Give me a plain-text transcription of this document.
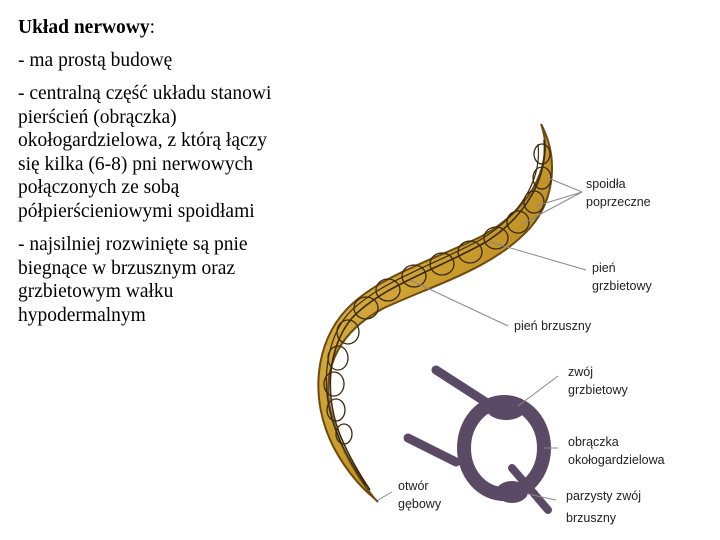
Układ nerwowy:

- ma prostą budowę

- centralną część układu stanowi pierścień (obrączka) okołogardzielowa, z którą łączy się kilka (6-8) pni nerwowych połączonych ze sobą półpierścieniowymi spoidłami

- najsilniej rozwinięte są pnie biegnące w brzusznym oraz grzbietowym wałku hypodermalnym

spoidła
poprzeczne
pień
grzbietowy
pień brzuszny
zwój
grzbietowy
obrączka
okołogardzielowa
otwór
gębowy
parzysty zwój
brzuszny
